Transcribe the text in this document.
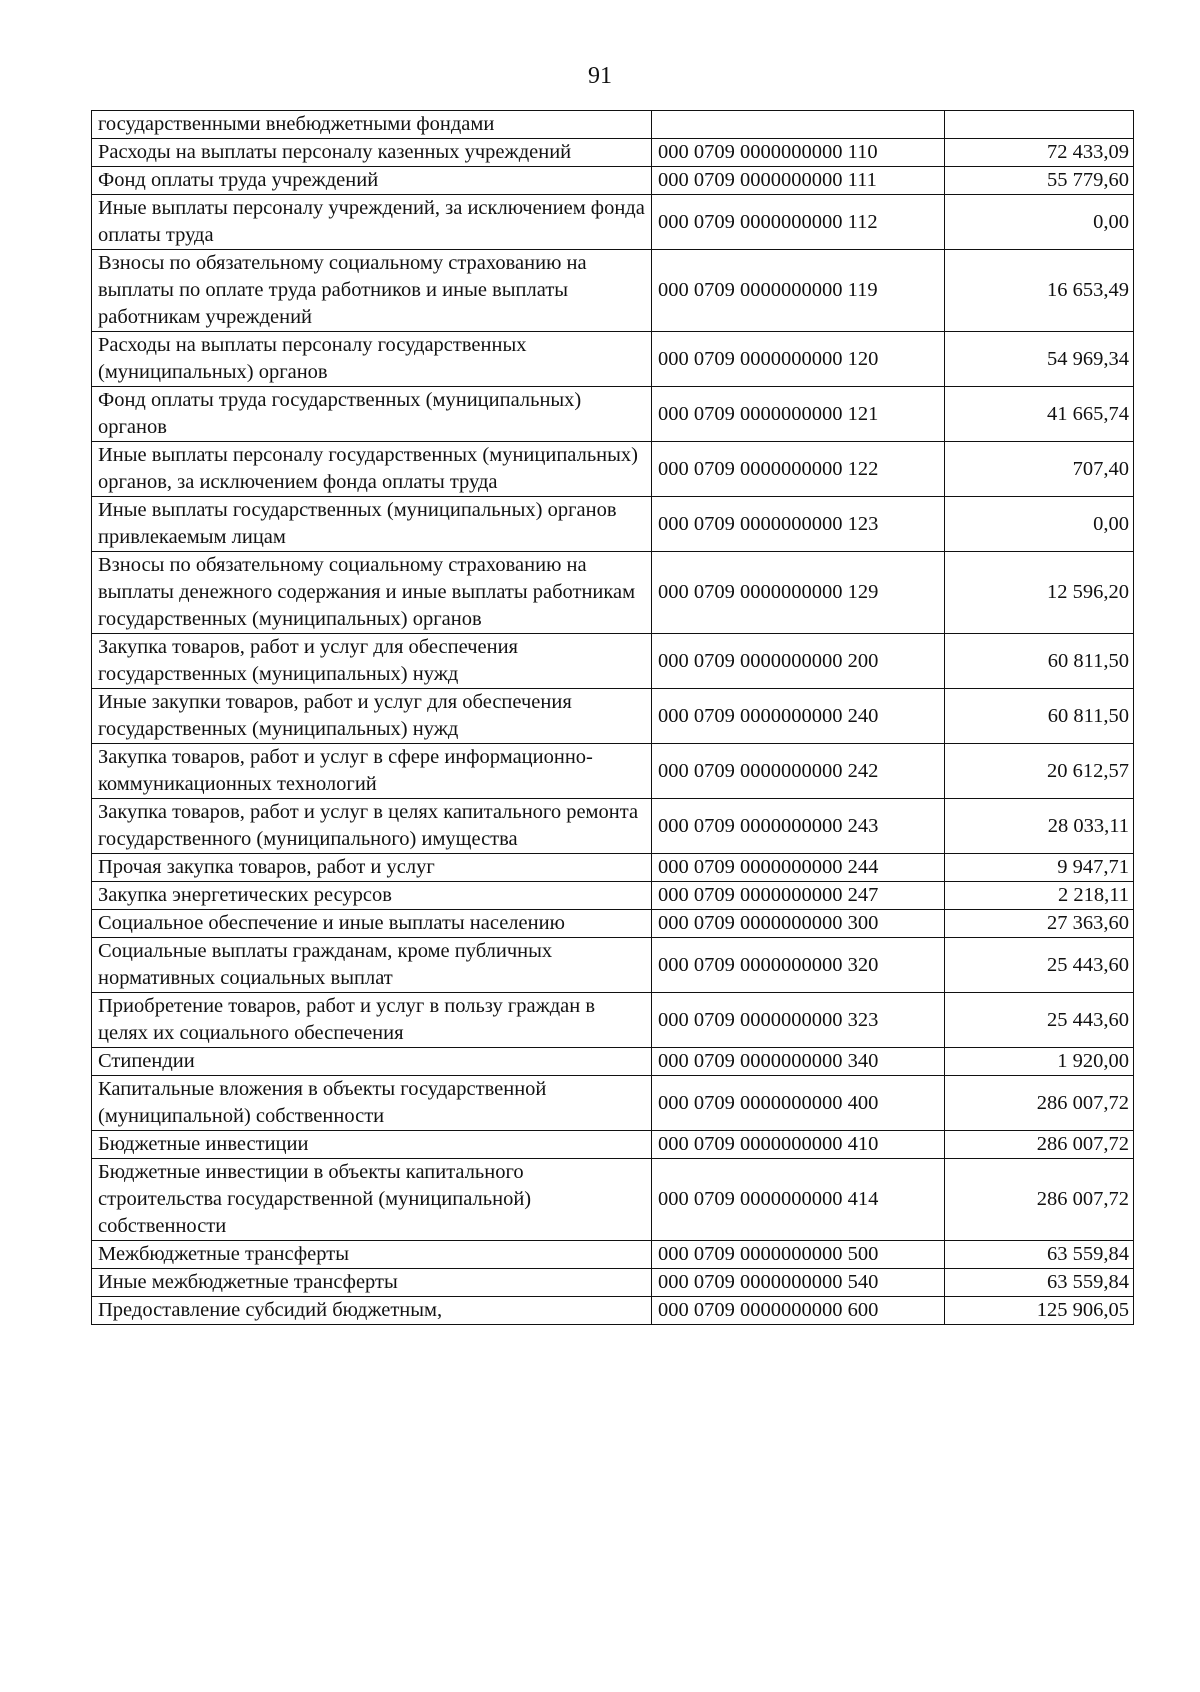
91
государственными внебюджетными фондами		
Расходы на выплаты персоналу казенных учреждений	000 0709 0000000000 110	72 433,09
Фонд оплаты труда учреждений	000 0709 0000000000 111	55 779,60
Иные выплаты персоналу учреждений, за исключением фонда оплаты труда	000 0709 0000000000 112	0,00
Взносы по обязательному социальному страхованию на выплаты по оплате труда работников и иные выплаты работникам учреждений	000 0709 0000000000 119	16 653,49
Расходы на выплаты персоналу государственных (муниципальных) органов	000 0709 0000000000 120	54 969,34
Фонд оплаты труда государственных (муниципальных) органов	000 0709 0000000000 121	41 665,74
Иные выплаты персоналу государственных (муниципальных) органов, за исключением фонда оплаты труда	000 0709 0000000000 122	707,40
Иные выплаты государственных (муниципальных) органов привлекаемым лицам	000 0709 0000000000 123	0,00
Взносы по обязательному социальному страхованию на выплаты денежного содержания и иные выплаты работникам государственных (муниципальных) органов	000 0709 0000000000 129	12 596,20
Закупка товаров, работ и услуг для обеспечения государственных (муниципальных) нужд	000 0709 0000000000 200	60 811,50
Иные закупки товаров, работ и услуг для обеспечения государственных (муниципальных) нужд	000 0709 0000000000 240	60 811,50
Закупка товаров, работ и услуг в сфере информационно-коммуникационных технологий	000 0709 0000000000 242	20 612,57
Закупка товаров, работ и услуг в целях капитального ремонта государственного (муниципального) имущества	000 0709 0000000000 243	28 033,11
Прочая закупка товаров, работ и услуг	000 0709 0000000000 244	9 947,71
Закупка энергетических ресурсов	000 0709 0000000000 247	2 218,11
Социальное обеспечение и иные выплаты населению	000 0709 0000000000 300	27 363,60
Социальные выплаты гражданам, кроме публичных нормативных социальных выплат	000 0709 0000000000 320	25 443,60
Приобретение товаров, работ и услуг в пользу граждан в целях их социального обеспечения	000 0709 0000000000 323	25 443,60
Стипендии	000 0709 0000000000 340	1 920,00
Капитальные вложения в объекты государственной (муниципальной) собственности	000 0709 0000000000 400	286 007,72
Бюджетные инвестиции	000 0709 0000000000 410	286 007,72
Бюджетные инвестиции в объекты капитального строительства государственной (муниципальной) собственности	000 0709 0000000000 414	286 007,72
Межбюджетные трансферты	000 0709 0000000000 500	63 559,84
Иные межбюджетные трансферты	000 0709 0000000000 540	63 559,84
Предоставление субсидий бюджетным,	000 0709 0000000000 600	125 906,05
